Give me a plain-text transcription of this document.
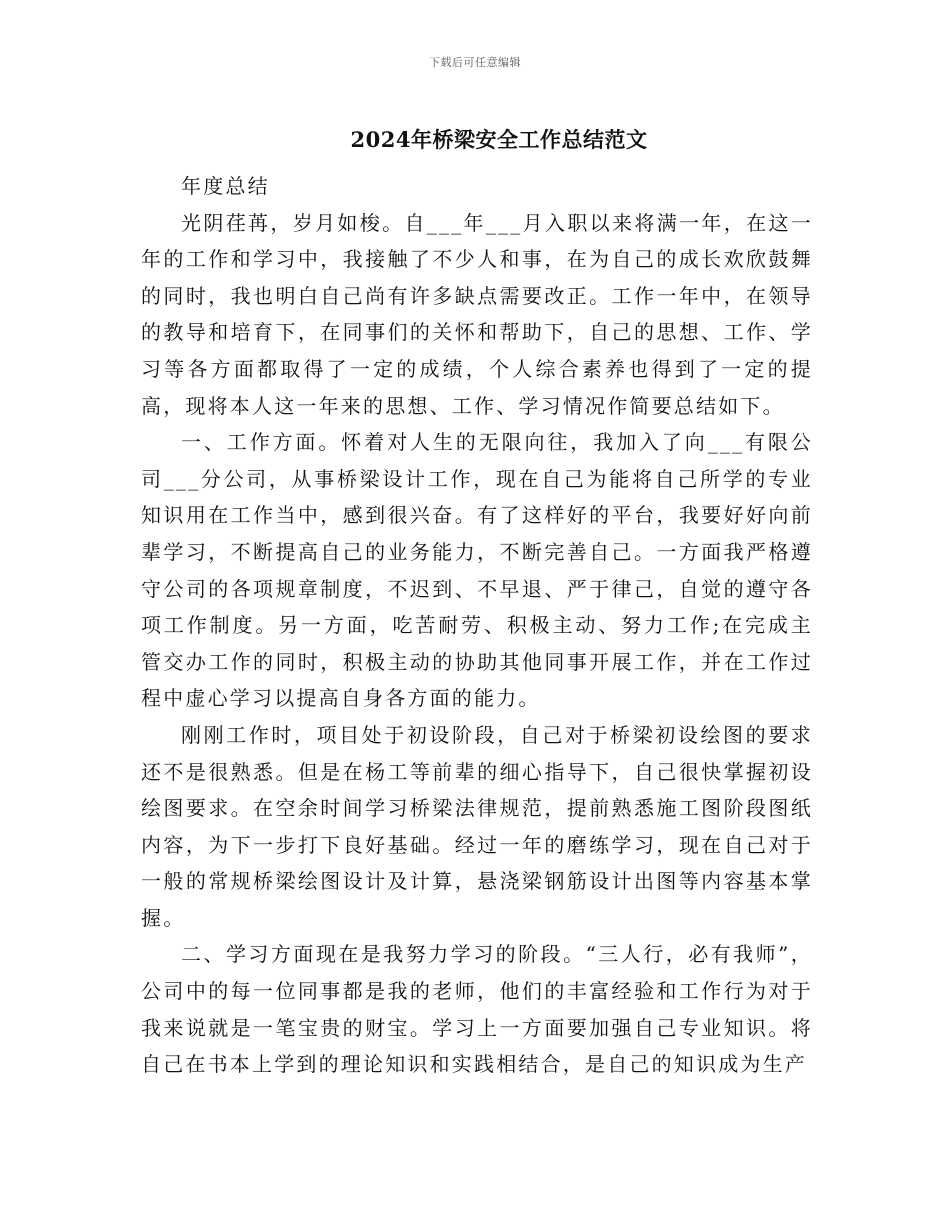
下载后可任意编辑
2024年桥梁安全工作总结范文

年度总结

光阴荏苒，岁月如梭。自___年___月入职以来将满一年，在这一年的工作和学习中，我接触了不少人和事，在为自己的成长欢欣鼓舞的同时，我也明白自己尚有许多缺点需要改正。工作一年中，在领导的教导和培育下，在同事们的关怀和帮助下，自己的思想、工作、学习等各方面都取得了一定的成绩，个人综合素养也得到了一定的提高，现将本人这一年来的思想、工作、学习情况作简要总结如下。

一、工作方面。怀着对人生的无限向往，我加入了向___有限公司___分公司，从事桥梁设计工作，现在自己为能将自己所学的专业知识用在工作当中，感到很兴奋。有了这样好的平台，我要好好向前辈学习，不断提高自己的业务能力，不断完善自己。一方面我严格遵守公司的各项规章制度，不迟到、不早退、严于律己，自觉的遵守各项工作制度。另一方面，吃苦耐劳、积极主动、努力工作;在完成主管交办工作的同时，积极主动的协助其他同事开展工作，并在工作过程中虚心学习以提高自身各方面的能力。

刚刚工作时，项目处于初设阶段，自己对于桥梁初设绘图的要求还不是很熟悉。但是在杨工等前辈的细心指导下，自己很快掌握初设绘图要求。在空余时间学习桥梁法律规范，提前熟悉施工图阶段图纸内容，为下一步打下良好基础。经过一年的磨练学习，现在自己对于一般的常规桥梁绘图设计及计算，悬浇梁钢筋设计出图等内容基本掌握。

二、学习方面现在是我努力学习的阶段。“三人行，必有我师”，公司中的每一位同事都是我的老师，他们的丰富经验和工作行为对于我来说就是一笔宝贵的财宝。学习上一方面要加强自己专业知识。将自己在书本上学到的理论知识和实践相结合，是自己的知识成为生产
